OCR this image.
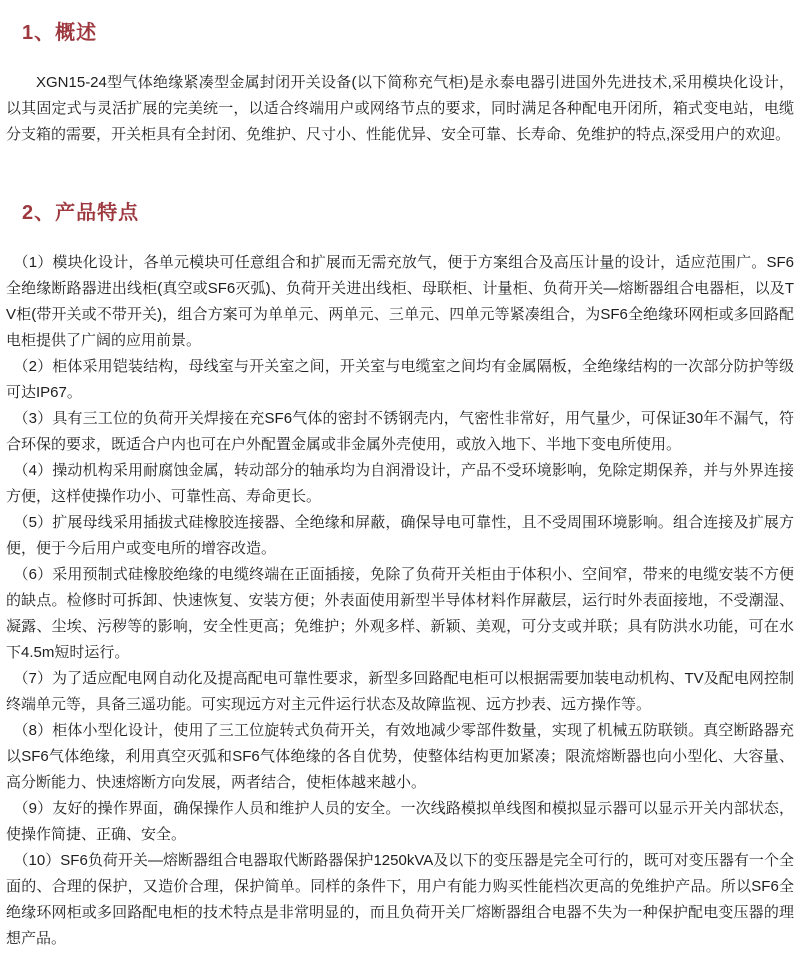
1、概述

XGN15-24型气体绝缘紧凑型金属封闭开关设备(以下简称充气柜)是永泰电器引进国外先进技术,采用模块化设计，以其固定式与灵活扩展的完美统一，以适合终端用户或网络节点的要求，同时满足各种配电开闭所，箱式变电站，电缆分支箱的需要，开关柜具有全封闭、免维护、尺寸小、性能优异、安全可靠、长寿命、免维护的特点,深受用户的欢迎。

2、产品特点

（1）模块化设计，各单元模块可任意组合和扩展而无需充放气，便于方案组合及高压计量的设计，适应范围广。SF6全绝缘断路器进出线柜(真空或SF6灭弧)、负荷开关进出线柜、母联柜、计量柜、负荷开关—熔断器组合电器柜，以及TV柜(带开关或不带开关)，组合方案可为单单元、两单元、三单元、四单元等紧凑组合，为SF6全绝缘环网柜或多回路配电柜提供了广阔的应用前景。

（2）柜体采用铠装结构，母线室与开关室之间，开关室与电缆室之间均有金属隔板，全绝缘结构的一次部分防护等级可达IP67。

（3）具有三工位的负荷开关焊接在充SF6气体的密封不锈钢壳内，气密性非常好，用气量少，可保证30年不漏气，符合环保的要求，既适合户内也可在户外配置金属或非金属外壳使用，或放入地下、半地下变电所使用。

（4）操动机构采用耐腐蚀金属，转动部分的轴承均为自润滑设计，产品不受环境影响，免除定期保养，并与外界连接方便，这样使操作功小、可靠性高、寿命更长。

（5）扩展母线采用插拔式硅橡胶连接器、全绝缘和屏蔽，确保导电可靠性，且不受周围环境影响。组合连接及扩展方便，便于今后用户或变电所的增容改造。

（6）采用预制式硅橡胶绝缘的电缆终端在正面插接，免除了负荷开关柜由于体积小、空间窄，带来的电缆安装不方便的缺点。检修时可拆卸、快速恢复、安装方便；外表面使用新型半导体材料作屏蔽层，运行时外表面接地，不受潮湿、凝露、尘埃、污秽等的影响，安全性更高；免维护；外观多样、新颖、美观，可分支或并联；具有防洪水功能，可在水下4.5m短时运行。

（7）为了适应配电网自动化及提高配电可靠性要求，新型多回路配电柜可以根据需要加装电动机构、TV及配电网控制终端单元等，具备三遥功能。可实现远方对主元件运行状态及故障监视、远方抄表、远方操作等。

（8）柜体小型化设计，使用了三工位旋转式负荷开关，有效地减少零部件数量，实现了机械五防联锁。真空断路器充以SF6气体绝缘，利用真空灭弧和SF6气体绝缘的各自优势，使整体结构更加紧凑；限流熔断器也向小型化、大容量、高分断能力、快速熔断方向发展，两者结合，使柜体越来越小。

（9）友好的操作界面，确保操作人员和维护人员的安全。一次线路模拟单线图和模拟显示器可以显示开关内部状态，使操作简捷、正确、安全。

（10）SF6负荷开关—熔断器组合电器取代断路器保护1250kVA及以下的变压器是完全可行的，既可对变压器有一个全面的、合理的保护，又造价合理，保护简单。同样的条件下，用户有能力购买性能档次更高的免维护产品。所以SF6全绝缘环网柜或多回路配电柜的技术特点是非常明显的，而且负荷开关厂熔断器组合电器不失为一种保护配电变压器的理想产品。
